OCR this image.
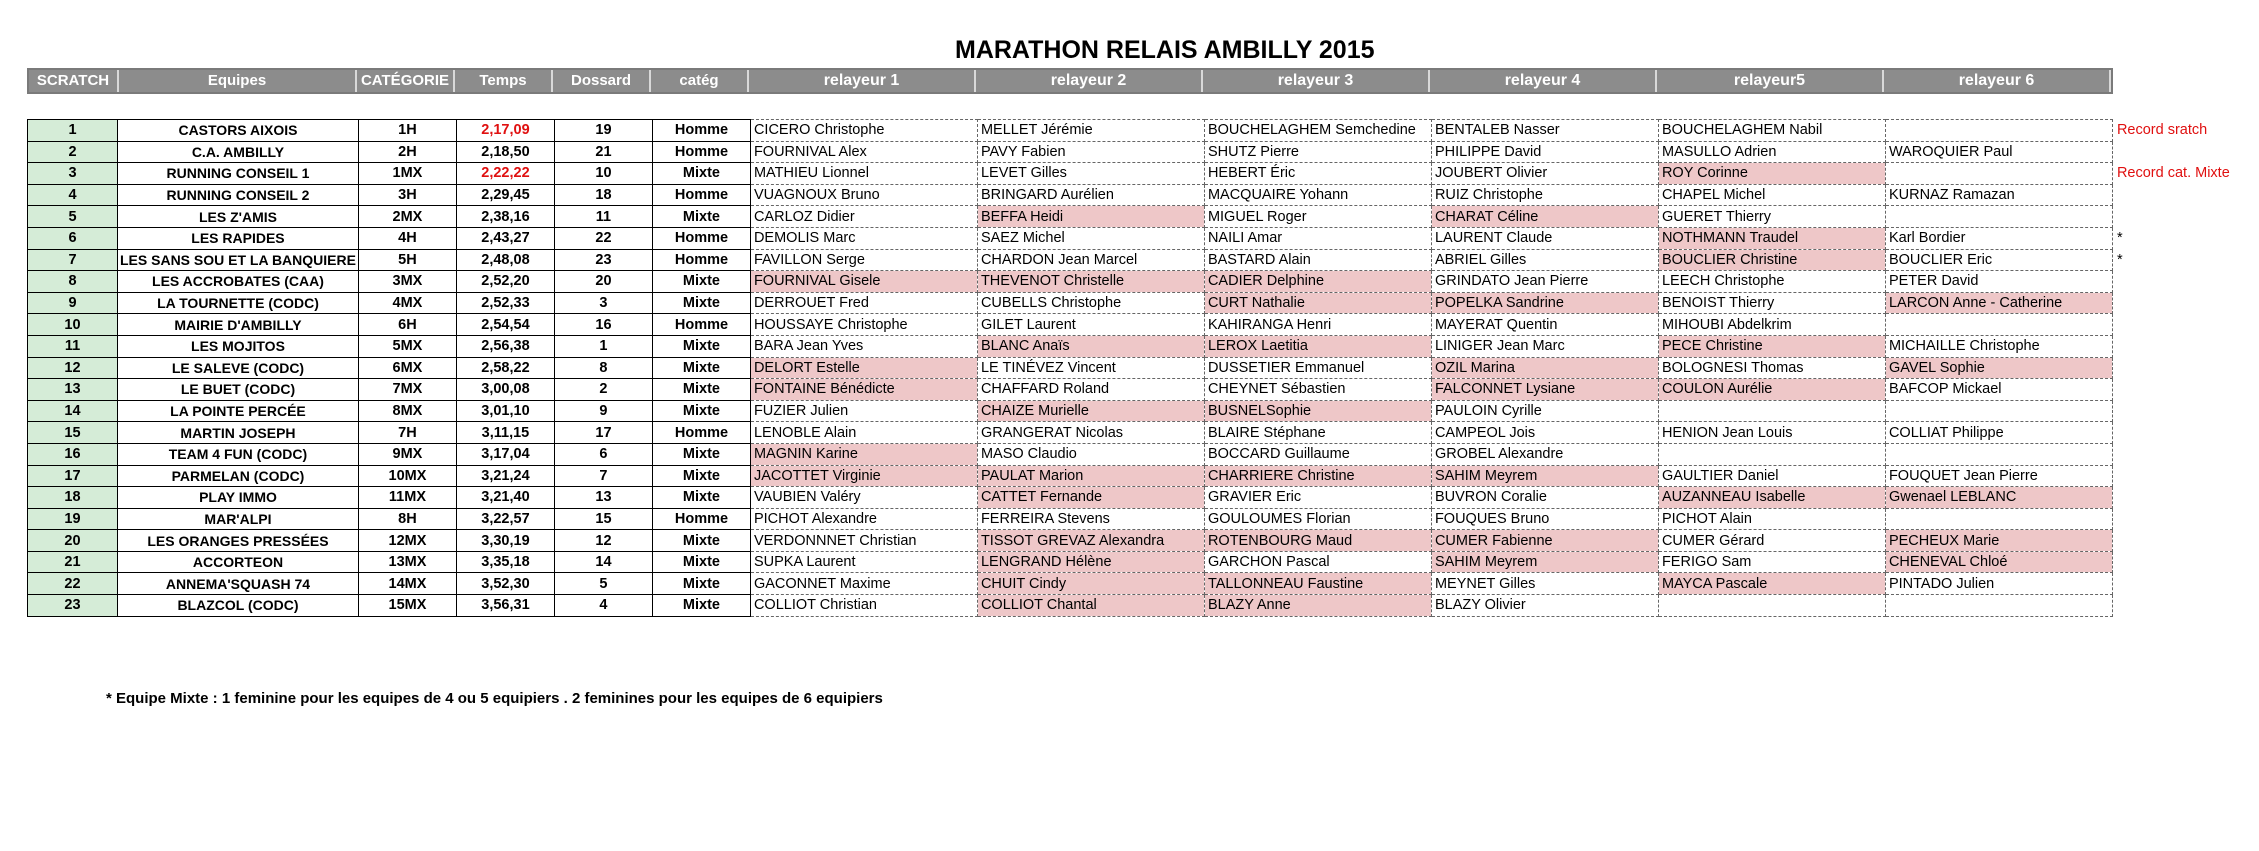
MARATHON RELAIS AMBILLY 2015
SCRATCH	Equipes	CATÉGORIE	Temps	Dossard	catég	relayeur 1	relayeur 2	relayeur 3	relayeur 4	relayeur5	relayeur 6
1	CASTORS AIXOIS	1H	2,17,09	19	Homme	CICERO Christophe	MELLET Jérémie	BOUCHELAGHEM Semchedine	BENTALEB Nasser	BOUCHELAGHEM Nabil		Record sratch
2	C.A. AMBILLY	2H	2,18,50	21	Homme	FOURNIVAL Alex	PAVY Fabien	SHUTZ Pierre	PHILIPPE David	MASULLO Adrien	WAROQUIER Paul	
3	RUNNING CONSEIL 1	1MX	2,22,22	10	Mixte	MATHIEU Lionnel	LEVET Gilles	HEBERT Éric	JOUBERT Olivier	ROY Corinne		Record cat. Mixte
4	RUNNING CONSEIL 2	3H	2,29,45	18	Homme	VUAGNOUX Bruno	BRINGARD Aurélien	MACQUAIRE Yohann	RUIZ Christophe	CHAPEL Michel	KURNAZ Ramazan	
5	LES Z'AMIS	2MX	2,38,16	11	Mixte	CARLOZ Didier	BEFFA Heidi	MIGUEL Roger	CHARAT Céline	GUERET Thierry		
6	LES RAPIDES	4H	2,43,27	22	Homme	DEMOLIS Marc	SAEZ Michel	NAILI Amar	LAURENT Claude	NOTHMANN Traudel	Karl Bordier	*
7	LES SANS SOU ET LA BANQUIERE	5H	2,48,08	23	Homme	FAVILLON Serge	CHARDON Jean Marcel	BASTARD Alain	ABRIEL Gilles	BOUCLIER Christine	BOUCLIER Eric	*
8	LES ACCROBATES (CAA)	3MX	2,52,20	20	Mixte	FOURNIVAL Gisele	THEVENOT Christelle	CADIER Delphine	GRINDATO Jean Pierre	LEECH Christophe	PETER David	
9	LA TOURNETTE (CODC)	4MX	2,52,33	3	Mixte	DERROUET Fred	CUBELLS Christophe	CURT Nathalie	POPELKA Sandrine	BENOIST Thierry	LARCON Anne - Catherine	
10	MAIRIE D'AMBILLY	6H	2,54,54	16	Homme	HOUSSAYE Christophe	GILET Laurent	KAHIRANGA Henri	MAYERAT Quentin	MIHOUBI Abdelkrim		
11	LES MOJITOS	5MX	2,56,38	1	Mixte	BARA Jean Yves	BLANC Anaïs	LEROX Laetitia	LINIGER Jean Marc	PECE Christine	MICHAILLE Christophe	
12	LE SALEVE (CODC)	6MX	2,58,22	8	Mixte	DELORT Estelle	LE TINÉVEZ Vincent	DUSSETIER Emmanuel	OZIL Marina	BOLOGNESI Thomas	GAVEL Sophie	
13	LE BUET (CODC)	7MX	3,00,08	2	Mixte	FONTAINE Bénédicte	CHAFFARD Roland	CHEYNET Sébastien	FALCONNET Lysiane	COULON Aurélie	BAFCOP Mickael	
14	LA POINTE PERCÉE	8MX	3,01,10	9	Mixte	FUZIER Julien	CHAIZE Murielle	BUSNELSophie	PAULOIN Cyrille			
15	MARTIN JOSEPH	7H	3,11,15	17	Homme	LENOBLE Alain	GRANGERAT Nicolas	BLAIRE Stéphane	CAMPEOL Jois	HENION Jean Louis	COLLIAT Philippe	
16	TEAM 4 FUN (CODC)	9MX	3,17,04	6	Mixte	MAGNIN Karine	MASO Claudio	BOCCARD Guillaume	GROBEL Alexandre			
17	PARMELAN (CODC)	10MX	3,21,24	7	Mixte	JACOTTET Virginie	PAULAT Marion	CHARRIERE Christine	SAHIM Meyrem	GAULTIER Daniel	FOUQUET Jean Pierre	
18	PLAY IMMO	11MX	3,21,40	13	Mixte	VAUBIEN Valéry	CATTET Fernande	GRAVIER Eric	BUVRON Coralie	AUZANNEAU Isabelle	Gwenael LEBLANC	
19	MAR'ALPI	8H	3,22,57	15	Homme	PICHOT Alexandre	FERREIRA Stevens	GOULOUMES Florian	FOUQUES Bruno	PICHOT Alain		
20	LES ORANGES PRESSÉES	12MX	3,30,19	12	Mixte	VERDONNNET Christian	TISSOT GREVAZ Alexandra	ROTENBOURG Maud	CUMER Fabienne	CUMER Gérard	PECHEUX Marie	
21	ACCORTEON	13MX	3,35,18	14	Mixte	SUPKA Laurent	LENGRAND Hélène	GARCHON Pascal	SAHIM Meyrem	FERIGO Sam	CHENEVAL Chloé	
22	ANNEMA'SQUASH 74	14MX	3,52,30	5	Mixte	GACONNET Maxime	CHUIT Cindy	TALLONNEAU Faustine	MEYNET Gilles	MAYCA Pascale	PINTADO Julien	
23	BLAZCOL (CODC)	15MX	3,56,31	4	Mixte	COLLIOT Christian	COLLIOT Chantal	BLAZY Anne	BLAZY Olivier			
* Equipe Mixte : 1 feminine pour les equipes de 4 ou 5 equipiers . 2 feminines pour les equipes de 6 equipiers
